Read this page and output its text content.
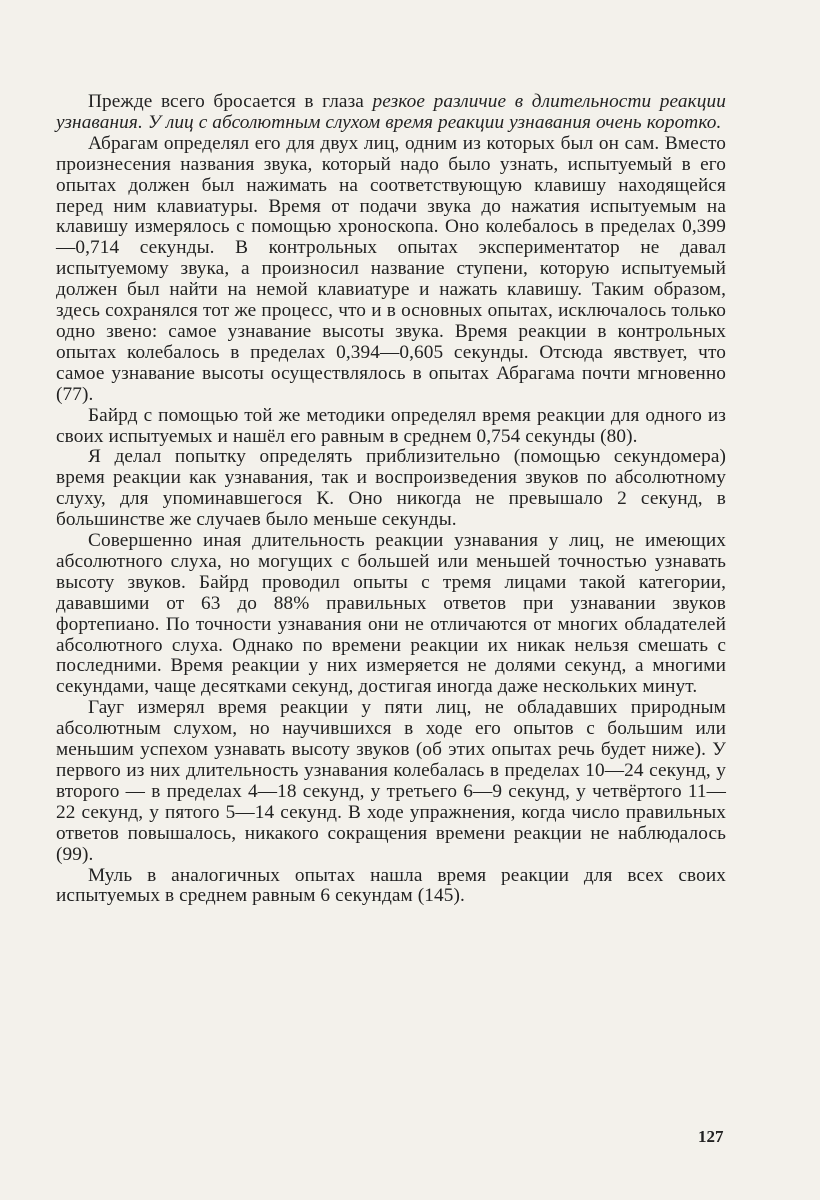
Прежде всего бросается в глаза резкое различие в длительности реакции узнавания. У лиц с абсолютным слухом время реакции узнавания очень коротко.

Абрагам определял его для двух лиц, одним из которых был он сам. Вместо произнесения названия звука, который надо было узнать, испытуемый в его опытах должен был нажимать на соответствующую клавишу находящейся перед ним клавиатуры. Время от подачи звука до нажатия испытуемым на клавишу измерялось с помощью хроноскопа. Оно колебалось в пределах 0,399—0,714 секунды. В контрольных опытах экспериментатор не давал испытуемому звука, а произносил название ступени, которую испытуемый должен был найти на немой клавиатуре и нажать клавишу. Таким образом, здесь сохранялся тот же процесс, что и в основных опытах, исключалось только одно звено: самое узнавание высоты звука. Время реакции в контрольных опытах колебалось в пределах 0,394—0,605 секунды. Отсюда явствует, что самое узнавание высоты осуществлялось в опытах Абрагама почти мгновенно (77).

Байрд с помощью той же методики определял время реакции для одного из своих испытуемых и нашёл его равным в среднем 0,754 секунды (80).

Я делал попытку определять приблизительно (помощью секундомера) время реакции как узнавания, так и воспроизведения звуков по абсолютному слуху, для упоминавшегося К. Оно никогда не превышало 2 секунд, в большинстве же случаев было меньше секунды.

Совершенно иная длительность реакции узнавания у лиц, не имеющих абсолютного слуха, но могущих с большей или меньшей точностью узнавать высоту звуков. Байрд проводил опыты с тремя лицами такой категории, дававшими от 63 до 88% правильных ответов при узнавании звуков фортепиано. По точности узнавания они не отличаются от многих обладателей абсолютного слуха. Однако по времени реакции их никак нельзя смешать с последними. Время реакции у них измеряется не долями секунд, а многими секундами, чаще десятками секунд, достигая иногда даже нескольких минут.

Гауг измерял время реакции у пяти лиц, не обладавших природным абсолютным слухом, но научившихся в ходе его опытов с большим или меньшим успехом узнавать высоту звуков (об этих опытах речь будет ниже). У первого из них длительность узнавания колебалась в пределах 10—24 секунд, у второго — в пределах 4—18 секунд, у третьего 6—9 секунд, у четвёртого 11—22 секунд, у пятого 5—14 секунд. В ходе упражнения, когда число правильных ответов повышалось, никакого сокращения времени реакции не наблюдалось (99).

Муль в аналогичных опытах нашла время реакции для всех своих испытуемых в среднем равным 6 секундам (145).

127
